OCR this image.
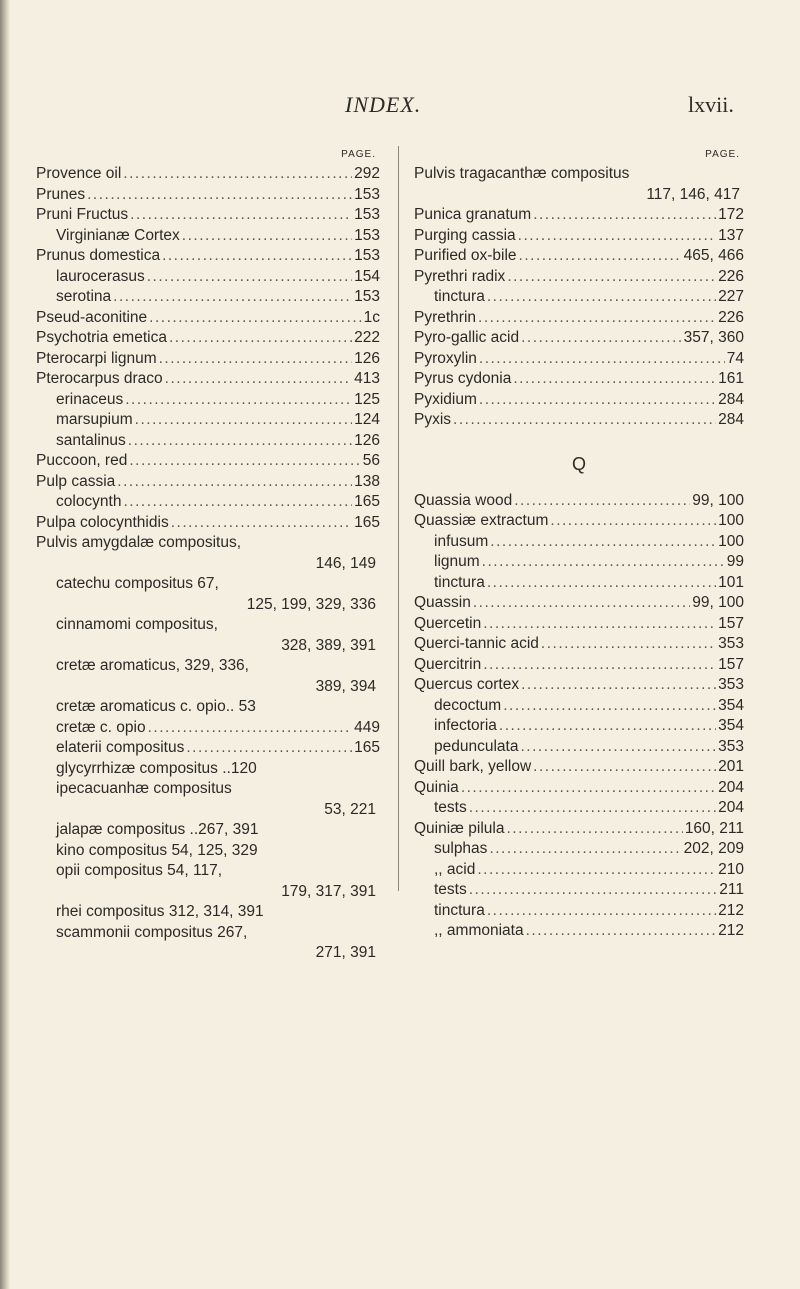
INDEX.	lxvii.
PAGE.
Provence oil .....	292
Prunes .....	153
Pruni Fructus .....	153
Virginianæ Cortex .....	153
Prunus domestica .....	153
laurocerasus .....	154
serotina .....	153
Pseud-aconitine .....	1c
Psychotria emetica .....	222
Pterocarpi lignum .....	126
Pterocarpus draco .....	413
erinaceus .....	125
marsupium .....	124
santalinus .....	126
Puccoon, red .....	56
Pulp cassia .....	138
colocynth .....	165
Pulpa colocynthidis .....	165
Pulvis amygdalæ compositus,
146, 149
catechu compositus 67,
125, 199, 329, 336
cinnamomi compositus,
328, 389, 391
cretæ aromaticus, 329, 336,
389, 394
cretæ aromaticus c. opio.. 53
cretæ c. opio .....	449
elaterii compositus .....	165
glycyrrhizæ compositus ..120
ipecacuanhæ compositus
53, 221
jalapæ compositus ..267, 391
kino compositus 54, 125, 329
opii compositus 54, 117,
179, 317, 391
rhei compositus 312, 314, 391
scammonii compositus 267,
271, 391
PAGE.
Pulvis tragacanthæ compositus
117, 146, 417
Punica granatum .....	172
Purging cassia .....	137
Purified ox-bile .....	465, 466
Pyrethri radix .....	226
tinctura .....	227
Pyrethrin .....	226
Pyro-gallic acid .....	357, 360
Pyroxylin .....	74
Pyrus cydonia .....	161
Pyxidium .....	284
Pyxis .....	284
Q
Quassia wood .....	99, 100
Quassiæ extractum .....	100
infusum .....	100
lignum .....	99
tinctura .....	101
Quassin .....	99, 100
Quercetin .....	157
Querci-tannic acid .....	353
Quercitrin .....	157
Quercus cortex .....	353
decoctum .....	354
infectoria .....	354
pedunculata .....	353
Quill bark, yellow .....	201
Quinia .....	204
tests .....	204
Quiniæ pilula .....	160, 211
sulphas .....	202, 209
,, acid .....	210
tests .....	211
tinctura .....	212
,, ammoniata .....	212
